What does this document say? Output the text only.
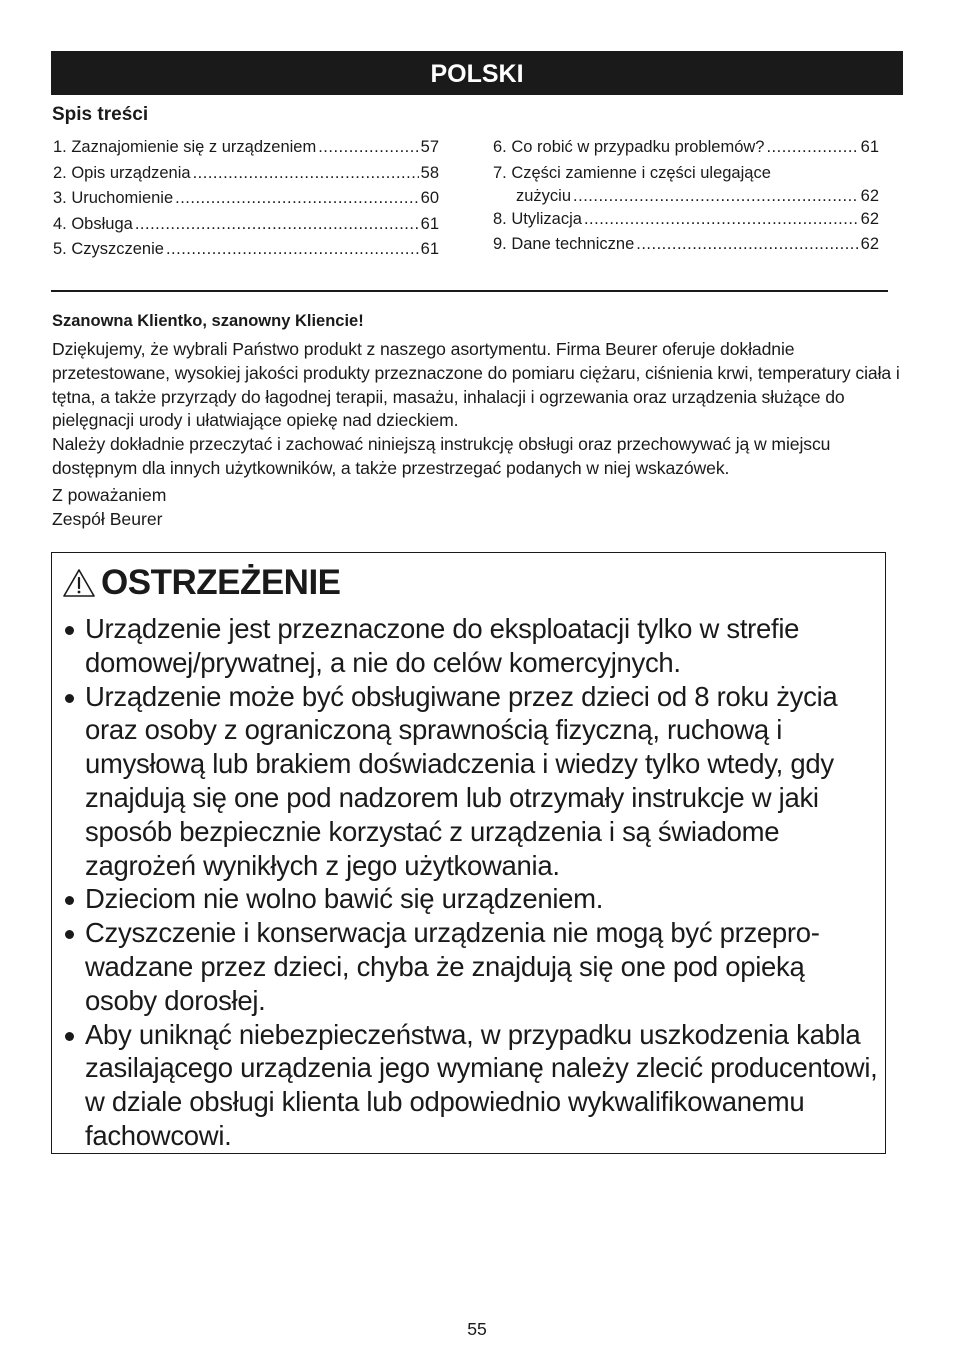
POLSKI
Spis treści
1. Zaznajomienie się z urządzeniem .....	57
2. Opis urządzenia .....	58
3. Uruchomienie .....	60
4. Obsługa .....	61
5. Czyszczenie .....	61
6. Co robić w przypadku problemów? .....	61
7. Części zamienne i części ulegające
zużyciu .....	62
8. Utylizacja .....	62
9. Dane techniczne .....	62
Szanowna Klientko, szanowny Kliencie!

Dziękujemy, że wybrali Państwo produkt z naszego asortymentu. Firma Beurer oferuje dokładnie przetestowane, wysokiej jakości produkty przeznaczone do pomiaru ciężaru, ciśnienia krwi, temperatury ciała i tętna, a także przyrządy do łagodnej terapii, masażu, inhalacji i ogrzewania oraz urządzenia służące do pielęgnacji urody i ułatwiające opiekę nad dzieckiem.

Należy dokładnie przeczytać i zachować niniejszą instrukcję obsługi oraz przechowywać ją w miejscu dostępnym dla innych użytkowników, a także przestrzegać podanych w niej wskazówek.

Z poważaniem
Zespół Beurer
OSTRZEŻENIE
Urządzenie jest przeznaczone do eksploatacji tylko w strefie domowej/prywatnej, a nie do celów komercyjnych.
Urządzenie może być obsługiwane przez dzieci od 8 roku życia oraz osoby z ograniczoną sprawnością fizyczną, ruchową i umysłową lub brakiem doświadczenia i wiedzy tylko wtedy, gdy znajdują się one pod nadzorem lub otrzymały instrukcje w jaki sposób bezpiecznie korzystać z urządzenia i są świadome zagrożeń wynikłych z jego użytkowania.
Dzieciom nie wolno bawić się urządzeniem.
Czyszczenie i konserwacja urządzenia nie mogą być przeprowadzane przez dzieci, chyba że znajdują się one pod opieką osoby dorosłej.
Aby uniknąć niebezpieczeństwa, w przypadku uszkodzenia kabla zasilającego urządzenia jego wymianę należy zlecić producentowi, w dziale obsługi klienta lub odpowiednio wykwalifikowanemu fachowcowi.
55
